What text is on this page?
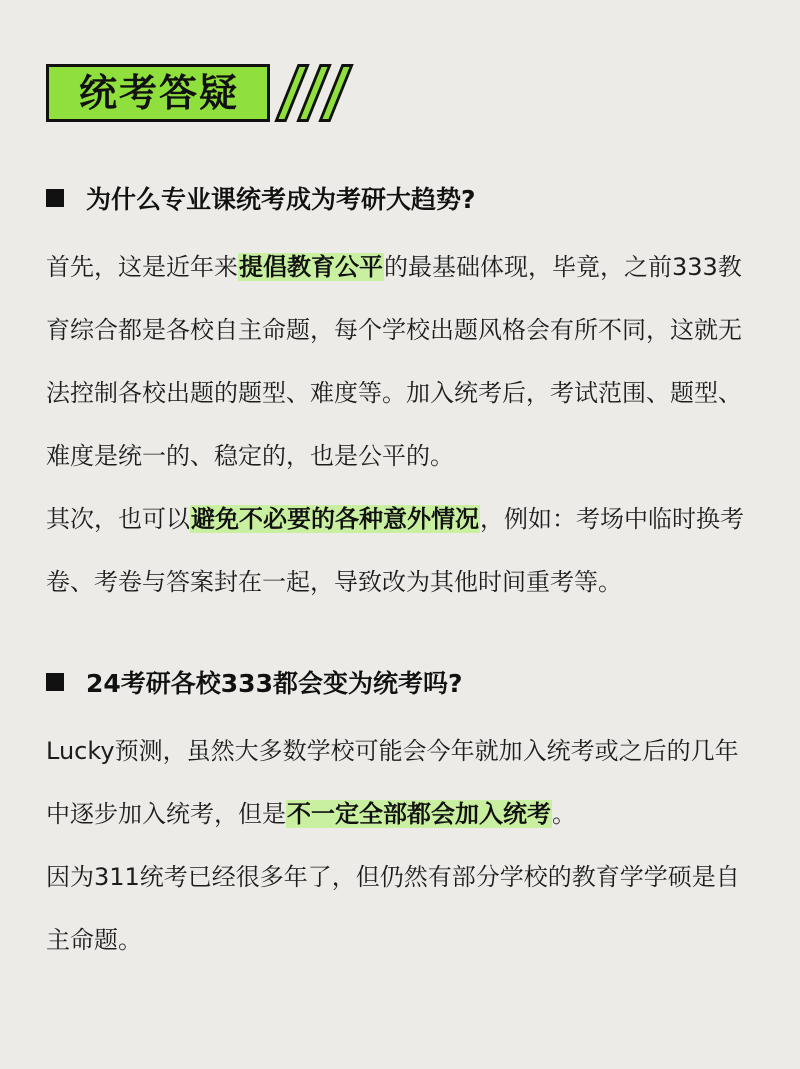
统考答疑
为什么专业课统考成为考研大趋势?

首先，这是近年来提倡教育公平的最基础体现，毕竟，之前333教育综合都是各校自主命题，每个学校出题风格会有所不同，这就无法控制各校出题的题型、难度等。加入统考后，考试范围、题型、难度是统一的、稳定的，也是公平的。

其次，也可以避免不必要的各种意外情况，例如：考场中临时换考卷、考卷与答案封在一起，导致改为其他时间重考等。

24考研各校333都会变为统考吗?

Lucky预测，虽然大多数学校可能会今年就加入统考或之后的几年中逐步加入统考，但是不一定全部都会加入统考。

因为311统考已经很多年了，但仍然有部分学校的教育学学硕是自主命题。
